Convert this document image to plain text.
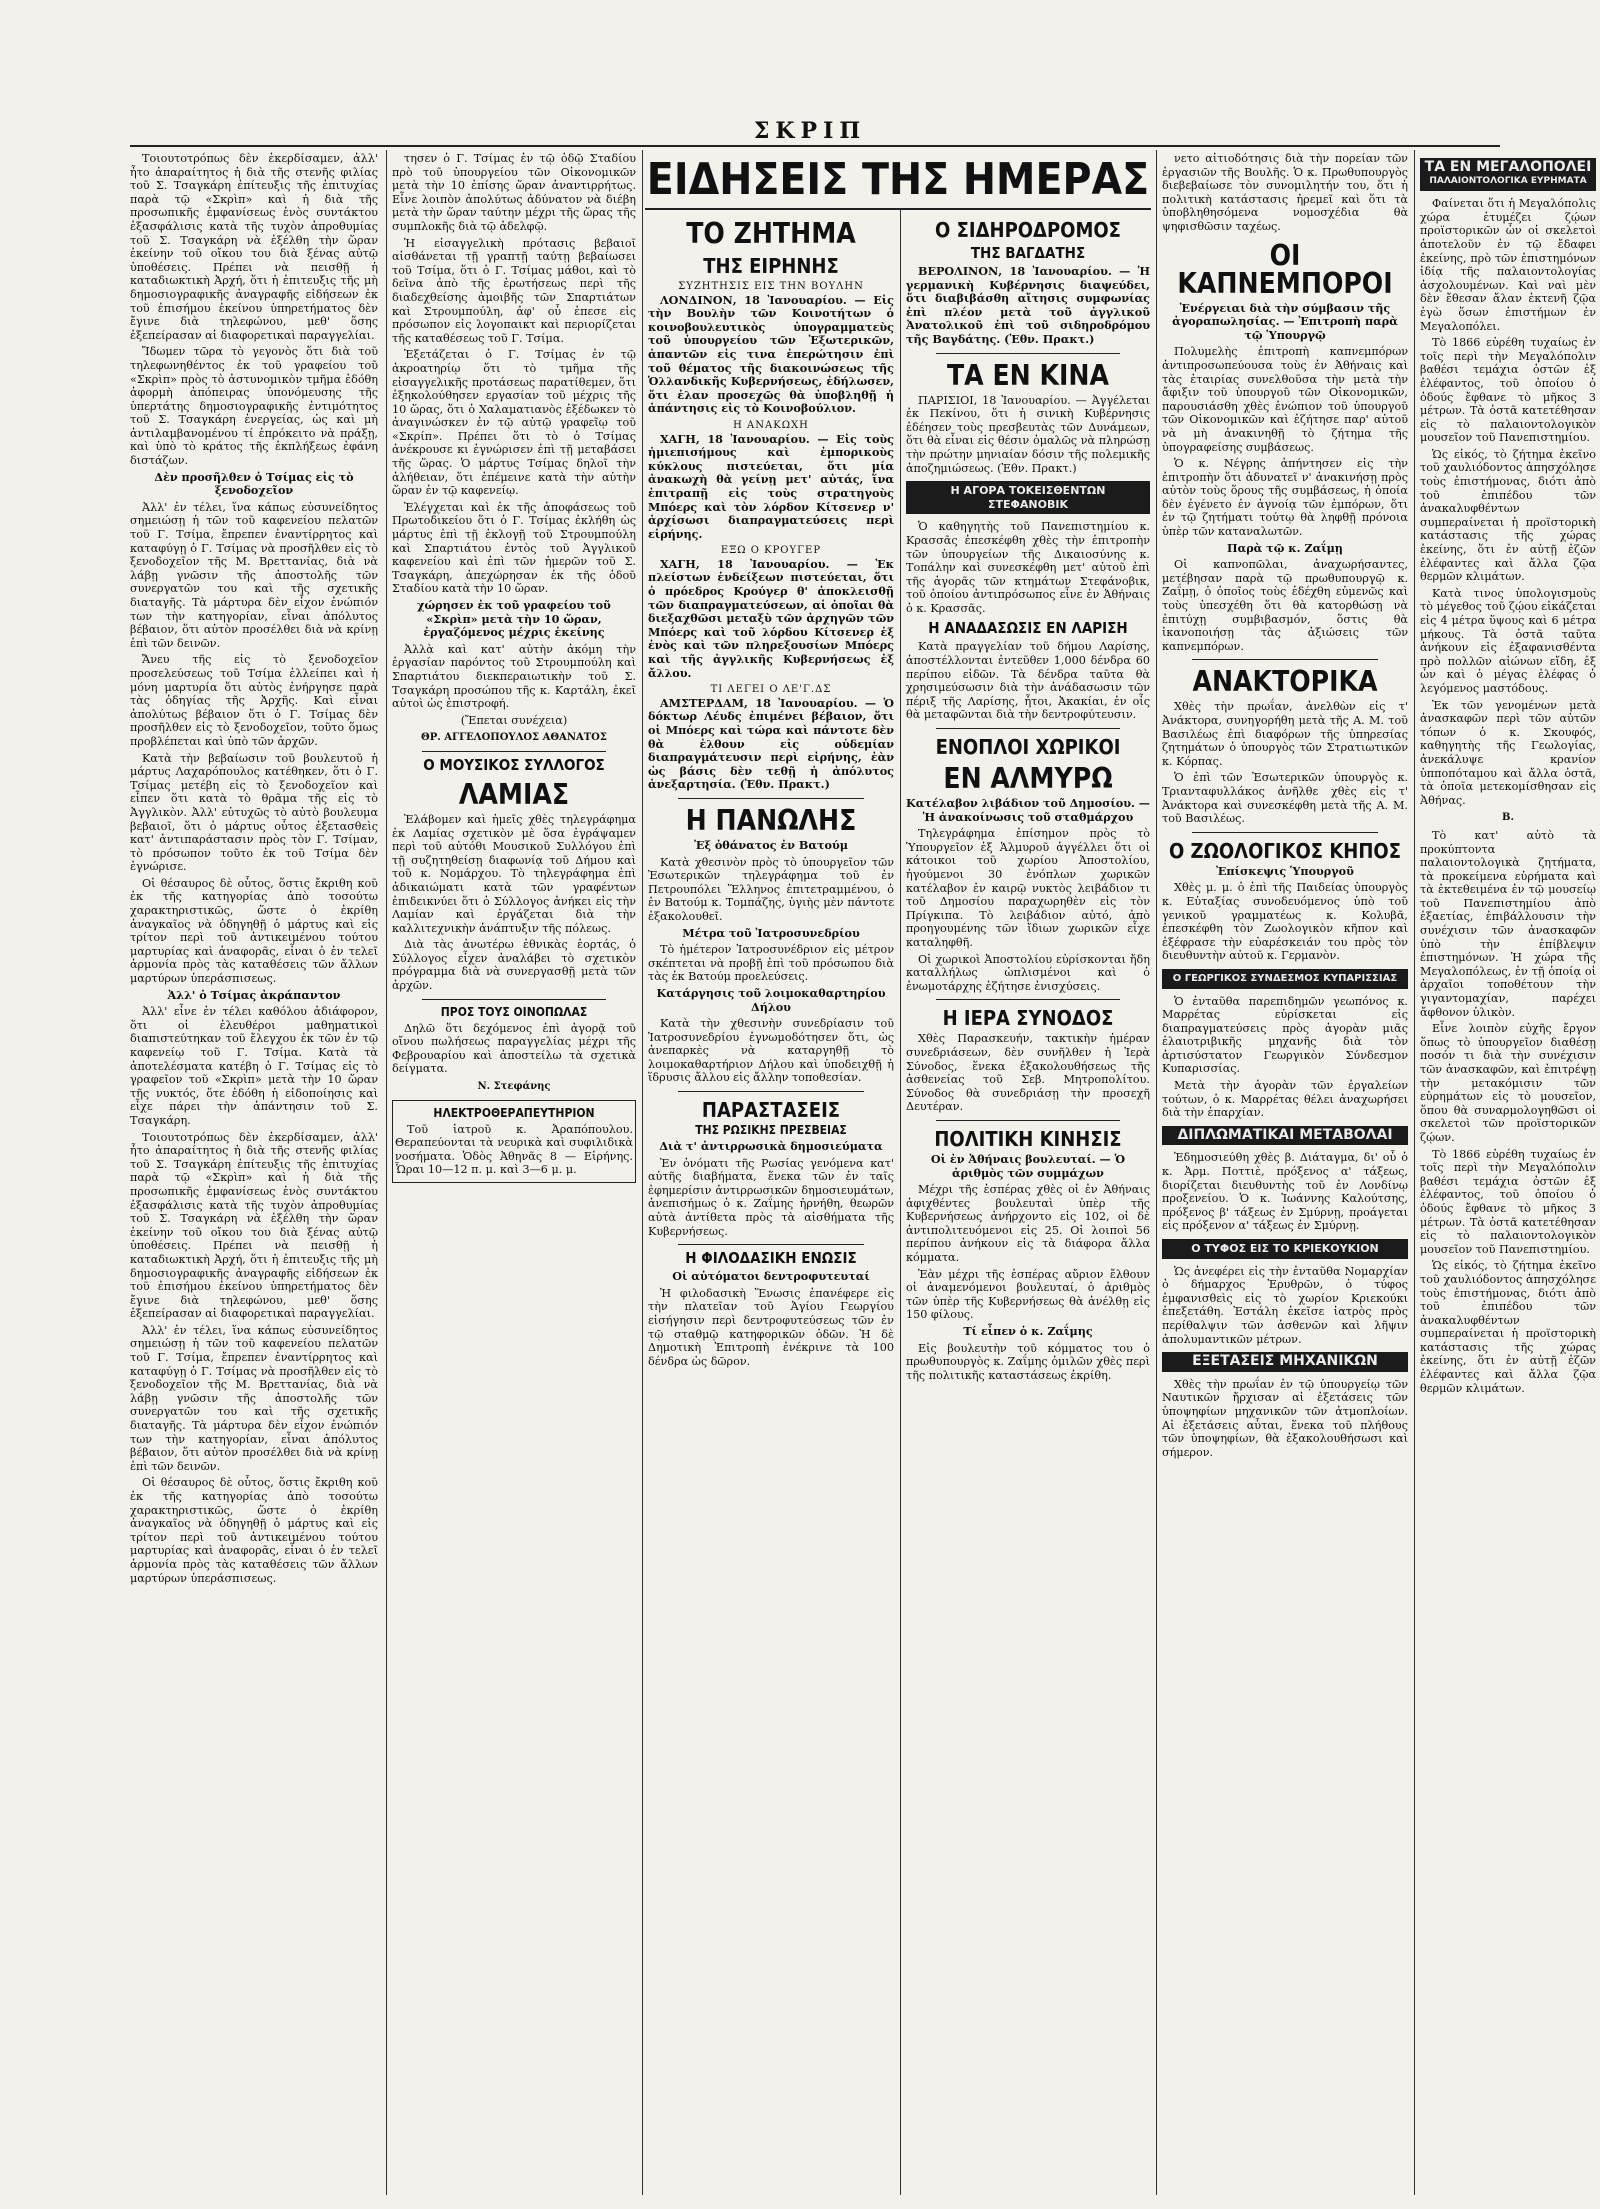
ΣΚΡΙΠ

Τοιουτοτρόπως δὲν ἐκερδίσαμεν, ἀλλ' ἦτο ἀπαραίτητος ἡ διὰ τῆς στενῆς φιλίας τοῦ Σ. Τσαγκάρη ἐπίτευξις τῆς ἐπιτυχίας παρὰ τῷ «Σκρὶπ» καὶ ἡ διὰ τῆς προσωπικῆς ἐμφανίσεως ἑνὸς συντάκτου ἐξασφάλισις κατὰ τῆς τυχὸν ἀπροθυμίας τοῦ Σ. Τσαγκάρη νὰ ἐξέλθη τὴν ὥραν ἐκείνην τοῦ οἴκου του διὰ ξένας αὐτῷ ὑποθέσεις. Πρέπει νὰ πεισθῇ ἡ καταδιωκτικὴ Ἀρχή, ὅτι ἡ ἐπιτευξις τῆς μὴ δημοσιογραφικῆς ἀναγραφῆς εἰδήσεων ἐκ τοῦ ἐπισήμου ἐκείνου ὑπηρετήματος δὲν ἔγινε διὰ τηλεφώνου, μεθ' ὅσης ἐξεπείρασαν αἱ διαφορετικαὶ παραγγελίαι.

Ἴδωμεν τῶρα τὸ γεγονὸς ὅτι διὰ τοῦ τηλεφωνηθέντος ἐκ τοῦ γραφείου τοῦ «Σκρὶπ» πρὸς τὸ ἀστυνομικὸν τμῆμα ἐδόθη ἀφορμὴ ἀπόπειρας ὑπονόμευσης τῆς ὑπερτάτης δημοσιογραφικῆς ἐντιμότητος τοῦ Σ. Τσαγκάρη ἐνεργείας, ὡς καὶ μὴ ἀντιλαμβανομένου τί ἐπρόκειτο νὰ πράξῃ, καὶ ὑπὸ τὸ κράτος τῆς ἐκπλήξεως ἐφάνη διστάζων.

Δὲν προσῆλθεν ὁ Τσίμας εἰς τὸ ξενοδοχεῖον

Ἀλλ' ἐν τέλει, ἵνα κάπως εὐσυνείδητος σημειώσῃ ἡ τῶν τοῦ καφενείου πελατῶν τοῦ Γ. Τσίμα, ἔπρεπεν ἐναντίρρητος καὶ καταφύγῃ ὁ Γ. Τσίμας νὰ προσῆλθεν εἰς τὸ ξενοδοχεῖον τῆς Μ. Βρεττανίας, διὰ νὰ λάβῃ γνῶσιν τῆς ἀποστολῆς τῶν συνεργατῶν του καὶ τῆς σχετικῆς διαταγῆς. Τὰ μάρτυρα δὲν εἶχον ἐνώπιόν των τὴν κατηγορίαν, εἶναι ἀπόλυτος βέβαιον, ὅτι αὐτὸν προσέλθει διὰ νὰ κρίνῃ ἐπὶ τῶν δεινῶν.

Ἄνευ τῆς εἰς τὸ ξενοδοχεῖον προσελεύσεως τοῦ Τσίμα ἐλλείπει καὶ ἡ μόνη μαρτυρία ὅτι αὐτὸς ἐνήργησε παρὰ τὰς ὁδηγίας τῆς Ἀρχῆς. Καὶ εἶναι ἀπολύτως βέβαιον ὅτι ὁ Γ. Τσίμας δὲν προσῆλθεν εἰς τὸ ξενοδοχεῖον, τοῦτο ὅμως προβλέπεται καὶ ὑπὸ τῶν ἀρχῶν.

Κατὰ τὴν βεβαίωσιν τοῦ βουλευτοῦ ἡ μάρτυς Λαχαρόπουλος κατέθηκεν, ὅτι ὁ Γ. Τσίμας μετέβη εἰς τὸ ξενοδοχεῖον καὶ εἶπεν ὅτι κατὰ τὸ θρᾶμα τῆς εἰς τὸ Ἀγγλικὸν. Ἀλλ' εὐτυχῶς τὸ αὐτὸ βουλευμα βεβαιοῖ, ὅτι ὁ μάρτυς οὗτος ἐξετασθεὶς κατ' ἀντιπαράστασιν πρὸς τὸν Γ. Τσίμαν, τὸ πρόσωπον τοῦτο ἐκ τοῦ Τσίμα δὲν ἐγνώρισε.

Οἱ θέσαυρος δὲ οὗτος, ὅστις ἔκριθη κοῦ ἐκ τῆς κατηγορίας ἀπὸ τοσούτω χαρακτηριστικῶς, ὥστε ὁ ἐκρίθη ἀναγκαῖος νὰ ὁδηγηθῇ ὁ μάρτυς καὶ εἰς τρίτον περὶ τοῦ ἀντικειμένου τούτου μαρτυρίας καὶ ἀναφορᾶς, εἶναι ὁ ἐν τελεῖ ἀρμονία πρὸς τὰς καταθέσεις τῶν ἄλλων μαρτύρων ὑπεράσπισεως.

Ἀλλ' ὁ Τσίμας ἀκράπαντον

Ἀλλ' εἶνε ἐν τέλει καθόλου ἀδιάφορον, ὅτι οἱ ἐλευθέροι μαθηματικοὶ διαπιστεύτηκαν τοῦ ἔλεγχου ἐκ τῶν ἐν τῷ καφενείῳ τοῦ Γ. Τσίμα. Κατὰ τὰ ἀποτελέσματα κατέβη ὁ Γ. Τσίμας εἰς τὸ γραφεῖον τοῦ «Σκρὶπ» μετὰ τὴν 10 ὥραν τῆς νυκτός, ὅτε ἐδόθη ἡ εἰδοποίησις καὶ εἶχε πάρει τὴν ἀπάντησιν τοῦ Σ. Τσαγκάρη.

Τοιουτοτρόπως δὲν ἐκερδίσαμεν, ἀλλ' ἦτο ἀπαραίτητος ἡ διὰ τῆς στενῆς φιλίας τοῦ Σ. Τσαγκάρη ἐπίτευξις τῆς ἐπιτυχίας παρὰ τῷ «Σκρὶπ» καὶ ἡ διὰ τῆς προσωπικῆς ἐμφανίσεως ἑνὸς συντάκτου ἐξασφάλισις κατὰ τῆς τυχὸν ἀπροθυμίας τοῦ Σ. Τσαγκάρη νὰ ἐξέλθη τὴν ὥραν ἐκείνην τοῦ οἴκου του διὰ ξένας αὐτῷ ὑποθέσεις. Πρέπει νὰ πεισθῇ ἡ καταδιωκτικὴ Ἀρχή, ὅτι ἡ ἐπιτευξις τῆς μὴ δημοσιογραφικῆς ἀναγραφῆς εἰδήσεων ἐκ τοῦ ἐπισήμου ἐκείνου ὑπηρετήματος δὲν ἔγινε διὰ τηλεφώνου, μεθ' ὅσης ἐξεπείρασαν αἱ διαφορετικαὶ παραγγελίαι.

Ἀλλ' ἐν τέλει, ἵνα κάπως εὐσυνείδητος σημειώσῃ ἡ τῶν τοῦ καφενείου πελατῶν τοῦ Γ. Τσίμα, ἔπρεπεν ἐναντίρρητος καὶ καταφύγῃ ὁ Γ. Τσίμας νὰ προσῆλθεν εἰς τὸ ξενοδοχεῖον τῆς Μ. Βρεττανίας, διὰ νὰ λάβῃ γνῶσιν τῆς ἀποστολῆς τῶν συνεργατῶν του καὶ τῆς σχετικῆς διαταγῆς. Τὰ μάρτυρα δὲν εἶχον ἐνώπιόν των τὴν κατηγορίαν, εἶναι ἀπόλυτος βέβαιον, ὅτι αὐτὸν προσέλθει διὰ νὰ κρίνῃ ἐπὶ τῶν δεινῶν.

Οἱ θέσαυρος δὲ οὗτος, ὅστις ἔκριθη κοῦ ἐκ τῆς κατηγορίας ἀπὸ τοσούτω χαρακτηριστικῶς, ὥστε ὁ ἐκρίθη ἀναγκαῖος νὰ ὁδηγηθῇ ὁ μάρτυς καὶ εἰς τρίτον περὶ τοῦ ἀντικειμένου τούτου μαρτυρίας καὶ ἀναφορᾶς, εἶναι ὁ ἐν τελεῖ ἀρμονία πρὸς τὰς καταθέσεις τῶν ἄλλων μαρτύρων ὑπεράσπισεως.

τησεν ὁ Γ. Τσίμας ἐν τῷ ὁδῷ Σταδίου πρὸ τοῦ ὑπουργείου τῶν Οἰκονομικῶν μετὰ τὴν 10 ἐπίσης ὥραν ἀναντιρρήτως. Εἶνε λοιπὸν ἀπολύτως ἀδύνατον νὰ διέβη μετὰ τὴν ὥραν ταύτην μέχρι τῆς ὥρας τῆς συμπλοκῆς διὰ τῷ ἀδελφῷ.

Ἡ εἰσαγγελικὴ πρότασις βεβαιοῖ αἰσθάνεται τῇ γραπτῇ ταύτῃ βεβαίωσει τοῦ Τσίμα, ὅτι ὁ Γ. Τσίμας μάθοι, καὶ τὸ δεῖνα ἀπὸ τῆς ἐρωτήσεως περὶ τῆς διαδεχθείσης ἀμοιβῆς τῶν Σπαρτιάτων καὶ Στρουμπούλη, ἀφ' οὗ ἐπεσε εἰς πρόσωπον εἰς λογοπαικτ καὶ περιορίζεται τῆς καταθέσεως τοῦ Γ. Τσίμα.

Ἐξετάζεται ὁ Γ. Τσίμας ἐν τῷ ἀκροατηρίῳ ὅτι τὸ τμῆμα τῆς εἰσαγγελικῆς προτάσεως παρατίθεμεν, ὅτι ἐξηκολούθησεν εργασίαν τοῦ μέχρις τῆς 10 ὥρας, ὅτι ὁ Χαλαματιανὸς ἐξέδωκεν τὸ ἀναγινώσκεν ἐν τῷ αὐτῷ γραφεῖῳ τοῦ «Σκρίπ». Πρέπει ὅτι τὸ ὁ Τσίμας ἀνέκρουσε κι ἐγνώρισεν ἐπὶ τῇ μεταβάσει τῆς ὥρας. Ὁ μάρτυς Τσίμας δηλοῖ τὴν ἀλήθειαν, ὅτι ἐπέμεινε κατὰ τὴν αὐτὴν ὥραν ἐν τῷ καφενείῳ.

Ἐλέγχεται καὶ ἐκ τῆς ἀποφάσεως τοῦ Πρωτοδικείου ὅτι ὁ Γ. Τσίμας ἐκλήθη ὡς μάρτυς ἐπὶ τῇ ἐκλογῇ τοῦ Στρουμπούλη καὶ Σπαρτιάτου ἐντὸς τοῦ Ἀγγλικοῦ καφενείου καὶ ἐπὶ τῶν ἡμερῶν τοῦ Σ. Τσαγκάρη, ἀπεχώρησαν ἐκ τῆς ὁδοῦ Σταδίου κατὰ τὴν 10 ὥραν.

χώρησεν ἐκ τοῦ γραφείου τοῦ «Σκρὶπ» μετὰ τὴν 10 ὥραν, ἐργαζόμενος μέχρις ἐκείνης

Ἀλλὰ καὶ κατ' αὐτὴν ἀκόμη τὴν ἐργασίαν παρόντος τοῦ Στρουμπούλη καὶ Σπαρτιάτου διεκπεραιωτικὴν τοῦ Σ. Τσαγκάρη προσώπου τῆς κ. Καρτάλη, ἐκεῖ αὐτοὶ ὡς ἐπιστροφή.

(Ἔπεται συνέχεια)

ΘΡ. ΑΓΓΕΛΟΠΟΥΛΟΣ ΑΘΑΝΑΤΟΣ
Ο ΜΟΥΣΙΚΟΣ ΣΥΛΛΟΓΟΣ
ΛΑΜΙΑΣ

Ἐλάβομεν καὶ ἡμεῖς χθὲς τηλεγράφημα ἐκ Λαμίας σχετικὸν μὲ ὅσα ἐγράψαμεν περὶ τοῦ αὐτόθι Μουσικοῦ Συλλόγου ἐπὶ τῇ συζητηθείσῃ διαφωνίᾳ τοῦ Δήμου καὶ τοῦ κ. Νομάρχου. Τὸ τηλεγράφημα ἐπὶ ἀδικαιώματι κατὰ τῶν γραφέντων ἐπιδεικνύει ὅτι ὁ Σύλλογος ἀνήκει εἰς τὴν Λαμίαν καὶ ἐργάζεται διὰ τὴν καλλιτεχνικὴν ἀνάπτυξιν τῆς πόλεως.

Διὰ τὰς ἀνωτέρω ἐθνικὰς ἑορτάς, ὁ Σύλλογος εἶχεν ἀναλάβει τὸ σχετικὸν πρόγραμμα διὰ νὰ συνεργασθῇ μετὰ τῶν ἀρχῶν.

ΠΡΟΣ ΤΟΥΣ ΟΙΝΟΠΩΛΑΣ

Δηλῶ ὅτι δεχόμενος ἐπὶ ἀγορᾷ τοῦ οἴνου πωλήσεως παραγγελίας μέχρι τῆς Φεβρουαρίου καὶ ἀποστείλω τὰ σχετικὰ δείγματα.

Ν. Στεφάνης
ΗΛΕΚΤΡΟΘΕΡΑΠΕΥΤΗΡΙΟΝ

Τοῦ ἰατροῦ κ. Ἀραπόπουλου. Θεραπεύονται τὰ νευρικὰ καὶ συφιλιδικὰ νοσήματα. Ὁδὸς Ἀθηνᾶς 8 — Εἰρήνης. Ὧραι 10—12 π. μ. καὶ 3—6 μ. μ.

ΕΙΔΗΣΕΙΣ ΤΗΣ ΗΜΕΡΑΣ
ΤΟ ΖΗΤΗΜΑ
ΤΗΣ ΕΙΡΗΝΗΣ
ΣΥΖΗΤΗΣΙΣ ΕΙΣ ΤΗΝ ΒΟΥΛΗΝ

ΛΟΝΔΙΝΟΝ, 18 Ἰανουαρίου. — Εἰς τὴν Βουλὴν τῶν Κοινοτήτων ὁ κοινοβουλευτικὸς ὑπογραμματεὺς τοῦ ὑπουργείου τῶν Ἐξωτερικῶν, ἀπαντῶν εἰς τινα ἐπερώτησιν ἐπὶ τοῦ θέματος τῆς διακοινώσεως τῆς Ὁλλανδικῆς Κυβερνήσεως, ἐδήλωσεν, ὅτι ἐλαν προσεχῶς θὰ ὑποβληθῇ ἡ ἀπάντησις εἰς τὸ Κοινοβούλιον.

Η ΑΝΑΚΩΧΗ

ΧΑΓΗ, 18 Ἰανουαρίου. — Εἰς τοὺς ἡμιεπισήμους καὶ ἐμπορικοὺς κύκλους πιστεύεται, ὅτι μία ἀνακωχὴ θὰ γείνῃ μετ' αὐτάς, ἵνα ἐπιτραπῇ εἰς τοὺς στρατηγοὺς Μπόερς καὶ τὸν λόρδον Κίτσενερ ν' ἀρχίσωσι διαπραγματεύσεις περὶ εἰρήνης.

ΕΞΩ Ο ΚΡΟΥΓΕΡ

ΧΑΓΗ, 18 Ἰανουαρίου. — Ἐκ πλείστων ἐνδείξεων πιστεύεται, ὅτι ὁ πρόεδρος Κρούγερ θ' ἀποκλεισθῇ τῶν διαπραγματεύσεων, αἱ ὁποῖαι θὰ διεξαχθῶσι μεταξὺ τῶν ἀρχηγῶν τῶν Μπόερς καὶ τοῦ λόρδου Κίτσενερ ἐξ ἑνὸς καὶ τῶν πληρεξουσίων Μπόερς καὶ τῆς ἀγγλικῆς Κυβερνήσεως ἐξ ἄλλου.

ΤΙ ΛΕΓΕΙ Ο ΛΕ'Γ.ΔΣ

ΑΜΣΤΕΡΔΑΜ, 18 Ἰανουαρίου. — Ὁ δόκτωρ Λέυδς ἐπιμένει βέβαιον, ὅτι οἱ Μπόερς καὶ τώρα καὶ πάντοτε δὲν θὰ ἐλθουν εἰς οὐδεμίαν διαπραγμάτευσιν περὶ εἰρήνης, ἐὰν ὡς βάσις δὲν τεθῇ ἡ ἀπόλυτος ἀνεξαρτησία. (Ἐθν. Πρακτ.)

Η ΠΑΝΩΛΗΣ

Ἐξ ὁθάνατος ἐν Βατούμ

Κατὰ χθεσινὸν πρὸς τὸ ὑπουργεῖον τῶν Ἐσωτερικῶν τηλεγράφημα τοῦ ἐν Πετρουπόλει Ἕλληνος ἐπιτετραμμένου, ὁ ἐν Βατούμ κ. Τομπάζης, ὑγιὴς μὲν πάντοτε ἐξακολουθεῖ.

Μέτρα τοῦ Ἰατροσυνεδρίου

Τὸ ἠμέτερον Ἰατροσυνέδριον εἰς μέτρον σκέπτεται νὰ προβῇ ἐπὶ τοῦ πρόσωπου διὰ τὰς ἐκ Βατούμ προελεύσεις.

Κατάργησις τοῦ λοιμοκαθαρτηρίου Δήλου

Κατὰ τὴν χθεσινὴν συνεδρίασιν τοῦ Ἰατροσυνεδρίου ἐγνωμοδότησεν ὅτι, ὡς ἀνεπαρκὲς νὰ καταργηθῇ τὸ λοιμοκαθαρτήριον Δήλου καὶ ὑποδειχθῇ ἡ ἵδρυσις ἄλλου εἰς ἄλλην τοποθεσίαν.

ΠΑΡΑΣΤΑΣΕΙΣ
ΤΗΣ ΡΩΣΙΚΗΣ ΠΡΕΣΒΕΙΑΣ

Διὰ τ' ἀντιρρωσικὰ δημοσιεύματα

Ἐν ὀνόματι τῆς Ρωσίας γενόμενα κατ' αὐτῆς διαβήματα, ἕνεκα τῶν ἐν ταῖς ἐφημερίσιν ἀντιρρωσικῶν δημοσιευμάτων, ἀνεπισήμως ὁ κ. Ζαΐμης ἠρνήθη, θεωρῶν αὐτὰ ἀντίθετα πρὸς τὰ αἰσθήματα τῆς Κυβερνήσεως.

Η ΦΙΛΟΔΑΣΙΚΗ ΕΝΩΣΙΣ

Οἱ αὐτόματοι δεντροφυτευταί

Ἡ φιλοδασικὴ Ἕνωσις ἐπανέφερε εἰς τὴν πλατεῖαν τοῦ Ἀγίου Γεωργίου εἰσήγησιν περὶ δεντροφυτεύσεως τῶν ἐν τῷ σταθμῷ κατηφορικῶν ὁδῶν. Ἡ δὲ Δημοτικὴ Ἐπιτροπὴ ἐνέκρινε τὰ 100 δένδρα ὡς δῶρον.

Ο ΣΙΔΗΡΟΔΡΟΜΟΣ
ΤΗΣ ΒΑΓΔΑΤΗΣ

ΒΕΡΟΛΙΝΟΝ, 18 Ἰανουαρίου. — Ἡ γερμανικὴ Κυβέρνησις διαψεύδει, ὅτι διαβιβάσθη αἴτησις συμφωνίας ἐπὶ πλέον μετὰ τοῦ ἀγγλικοῦ Ἀνατολικοῦ ἐπὶ τοῦ σιδηροδρόμου τῆς Βαγδάτης. (Ἐθν. Πρακτ.)

ΤΑ ΕΝ ΚΙΝΑ

ΠΑΡΙΣΙΟΙ, 18 Ἰανουαρίου. — Ἀγγέλεται ἐκ Πεκίνου, ὅτι ἡ σινικὴ Κυβέρνησις ἐδέησεν τοὺς πρεσβευτὰς τῶν Δυνάμεων, ὅτι θὰ εἶναι εἰς θέσιν ὁμαλῶς νὰ πληρώσῃ τὴν πρώτην μηνιαίαν δόσιν τῆς πολεμικῆς ἀποζημιώσεως. (Ἐθν. Πρακτ.)

Η ΑΓΟΡΑ ΤΟΚΕΙΣΘΕΝΤΩΝ ΣΤΕΦΑΝΟΒΙΚ

Ὁ καθηγητὴς τοῦ Πανεπιστημίου κ. Κρασσᾶς ἐπεσκέφθη χθὲς τὴν ἐπιτροπὴν τῶν ὑπουργείων τῆς Δικαιοσύνης κ. Τοπάλην καὶ συνεσκέφθη μετ' αὐτοῦ ἐπὶ τῆς ἀγορᾶς τῶν κτημάτων Στεφάνοβικ, τοῦ ὁποίου ἀντιπρόσωπος εἶνε ἐν Ἀθήναις ὁ κ. Κρασσᾶς.

Η ΑΝΑΔΑΣΩΣΙΣ ΕΝ ΛΑΡΙΣΗ

Κατὰ πραγγελίαν τοῦ δήμου Λαρίσης, ἀποστέλλονται ἐντεῦθεν 1,000 δένδρα 60 περίπου εἰδῶν. Τὰ δένδρα ταῦτα θὰ χρησιμεύσωσιν διὰ τὴν ἀνάδασωσιν τῶν πέριξ τῆς Λαρίσης, ἦτοι, Ἀκακίαι, ἐν οἷς θὰ μεταφῶνται διὰ τὴν δεντροφύτευσιν.

ΕΝΟΠΛΟΙ ΧΩΡΙΚΟΙ
ΕΝ ΑΛΜΥΡΩ

Κατέλαβον λιβάδιον τοῦ Δημοσίου. — Ἡ ἀνακοίνωσις τοῦ σταθμάρχου

Τηλεγράφημα ἐπίσημον πρὸς τὸ Ὑπουργεῖον ἐξ Ἁλμυροῦ ἀγγέλλει ὅτι οἱ κάτοικοι τοῦ χωρίου Ἀποστολίου, ἠγούμενοι 30 ἐνόπλων χωρικῶν κατέλαβον ἐν καιρῷ νυκτὸς λειβάδιον τι τοῦ Δημοσίου παραχωρηθὲν εἰς τὸν Πρίγκιπα. Τὸ λειβάδιον αὐτό, ἀπὸ προηγουμένης τῶν ἴδιων χωρικῶν εἶχε καταληφθῆ.

Οἱ χωρικοὶ Ἀποστολίου εὐρίσκονται ἤδη καταλλήλως ὡπλισμένοι καὶ ὁ ἐνωμοτάρχης ἐζήτησε ἐνισχύσεις.

Η ΙΕΡΑ ΣΥΝΟΔΟΣ

Χθὲς Παρασκευήν, τακτικὴν ἡμέραν συνεδριάσεων, δὲν συνῆλθεν ἡ Ἱερὰ Σύνοδος, ἕνεκα ἐξακολουθήσεως τῆς ἀσθενείας τοῦ Σεβ. Μητροπολίτου. Σύνοδος θὰ συνεδριάσῃ τὴν προσεχῆ Δευτέραν.

ΠΟΛΙΤΙΚΗ ΚΙΝΗΣΙΣ

Οἱ ἐν Ἀθήναις βουλευταί. — Ὁ ἀριθμὸς τῶν συμμάχων

Μέχρι τῆς ἑσπέρας χθὲς οἱ ἐν Ἀθήναις ἀφιχθέντες βουλευταὶ ὑπὲρ τῆς Κυβερνήσεως ἀνήρχοντο εἰς 102, οἱ δὲ ἀντιπολιτευόμενοι εἰς 25. Οἱ λοιποὶ 56 περίπου ἀνήκουν εἰς τὰ διάφορα ἄλλα κόμματα.

Ἐὰν μέχρι τῆς ἑσπέρας αὔριον ἔλθουν οἱ ἀναμενόμενοι βουλευταί, ὁ ἀριθμὸς τῶν ὑπὲρ τῆς Κυβερνήσεως θὰ ἀνέλθῃ εἰς 150 φίλους.

Τί εἶπεν ὁ κ. Ζαΐμης

Εἰς βουλευτὴν τοῦ κόμματος του ὁ πρωθυπουργὸς κ. Ζαΐμης ὁμιλῶν χθὲς περὶ τῆς πολιτικῆς καταστάσεως ἐκρίθη.

νετο αἰτιοδότησις διὰ τὴν πορείαν τῶν ἐργασιῶν τῆς Βουλῆς. Ὁ κ. Πρωθυπουργὸς διεβεβαίωσε τὸν συνομιλητήν του, ὅτι ἡ πολιτικὴ κατάστασις ἠρεμεῖ καὶ ὅτι τὰ ὑποβληθησόμενα νομοσχέδια θὰ ψηφισθῶσιν ταχέως.

ΟΙ ΚΑΠΝΕΜΠΟΡΟΙ

Ἐνέργειαι διὰ τὴν σύμβασιν τῆς ἀγοραπωλησίας. — Ἐπιτροπὴ παρὰ τῷ Ὑπουργῷ

Πολυμελὴς ἐπιτροπὴ καπνεμπόρων ἀντιπροσωπεύουσα τοὺς ἐν Ἀθήναις καὶ τὰς ἐταιρίας συνελθοῦσα τὴν μετὰ τὴν ἄφιξιν τοῦ ὑπουργοῦ τῶν Οἰκονομικῶν, παρουσιάσθη χθὲς ἐνώπιον τοῦ ὑπουργοῦ τῶν Οἰκονομικῶν καὶ ἐζήτησε παρ' αὐτοῦ νὰ μὴ ἀνακινηθῇ τὸ ζήτημα τῆς ὑπογραφείσης συμβάσεως.

Ὁ κ. Νέγρης ἀπήντησεν εἰς τὴν ἐπιτροπὴν ὅτι ἀδυνατεῖ ν' ἀνακινήσῃ πρὸς αὐτὸν τοὺς ὅρους τῆς συμβάσεως, ἡ ὁποία δὲν ἐγένετο ἐν ἀγνοίᾳ τῶν ἐμπόρων, ὅτι ἐν τῷ ζητήματι τούτῳ θὰ ληφθῇ πρόνοια ὑπὲρ τῶν καταναλωτῶν.

Παρὰ τῷ κ. Ζαΐμῃ

Οἱ καπνοπῶλαι, ἀναχωρήσαντες, μετέβησαν παρὰ τῷ πρωθυπουργῷ κ. Ζαΐμῃ, ὁ ὁποῖος τοὺς ἐδέχθη εὐμενῶς καὶ τοὺς ὑπεσχέθη ὅτι θὰ κατορθώσῃ νὰ ἐπιτύχῃ συμβιβασμόν, ὅστις θὰ ἱκανοποιήσῃ τὰς ἀξιώσεις τῶν καπνεμπόρων.

ΑΝΑΚΤΟΡΙΚΑ

Χθὲς τὴν πρωΐαν, ἀνελθὼν εἰς τ' Ἀνάκτορα, συνηγορήθη μετὰ τῆς Α. Μ. τοῦ Βασιλέως ἐπὶ διαφόρων τῆς ὑπηρεσίας ζητημάτων ὁ ὑπουργὸς τῶν Στρατιωτικῶν κ. Κόρπας.

Ὁ ἐπὶ τῶν Ἐσωτερικῶν ὑπουργὸς κ. Τριανταφυλλάκος ἀνῆλθε χθὲς εἰς τ' Ἀνάκτορα καὶ συνεσκέφθη μετὰ τῆς Α. Μ. τοῦ Βασιλέως.

Ο ΖΩΟΛΟΓΙΚΟΣ ΚΗΠΟΣ

Ἐπίσκεψις Ὑπουργοῦ

Χθὲς μ. μ. ὁ ἐπὶ τῆς Παιδείας ὑπουργὸς κ. Εὐταξίας συνοδευόμενος ὑπὸ τοῦ γενικοῦ γραμματέως κ. Κολυβᾶ, ἐπεσκέφθη τὸν Ζωολογικὸν κῆπον καὶ ἐξέφρασε τὴν εὐαρέσκειάν του πρὸς τὸν διευθυντὴν αὐτοῦ κ. Γερμανὸν.

Ο ΓΕΩΡΓΙΚΟΣ ΣΥΝΔΕΣΜΟΣ ΚΥΠΑΡΙΣΣΙΑΣ

Ὁ ἐνταῦθα παρεπιδημῶν γεωπόνος κ. Μαρρέτας εὐρίσκεται εἰς διαπραγματεύσεις πρὸς ἀγορὰν μιᾶς ἐλαιοτριβικῆς μηχανῆς διὰ τὸν ἀρτισύστατον Γεωργικὸν Σύνδεσμον Κυπαρισσίας.

Μετὰ τὴν ἀγορὰν τῶν ἐργαλείων τούτων, ὁ κ. Μαρρέτας θέλει ἀναχωρήσει διὰ τὴν ἐπαρχίαν.

ΔΙΠΛΩΜΑΤΙΚΑΙ ΜΕΤΑΒΟΛΑΙ

Ἐδημοσιεύθη χθὲς β. Διάταγμα, δι' οὗ ὁ κ. Ἀρμ. Ποττιὲ, πρόξενος α' τάξεως, διορίζεται διευθυντὴς τοῦ ἐν Λονδίνῳ προξενείου. Ὁ κ. Ἰωάννης Καλούτσης, πρόξενος β' τάξεως ἐν Σμύρνῃ, προάγεται εἰς πρόξενον α' τάξεως ἐν Σμύρνῃ.

Ο ΤΥΦΟΣ ΕΙΣ ΤΟ ΚΡΙΕΚΟΥΚΙΟΝ

Ὡς ἀνεφέρει εἰς τὴν ἐνταῦθα Νομαρχίαν ὁ δήμαρχος Ἐρυθρῶν, ὁ τύφος ἐμφανισθεὶς εἰς τὸ χωρίον Κριεκούκι ἐπεξετάθη. Ἐστάλη ἐκεῖσε ἰατρὸς πρὸς περίθαλψιν τῶν ἀσθενῶν καὶ λῆψιν ἀπολυμαντικῶν μέτρων.

ΕΞΕΤΑΣΕΙΣ ΜΗΧΑΝΙΚΩΝ

Χθὲς τὴν πρωΐαν ἐν τῷ ὑπουργείῳ τῶν Ναυτικῶν ἤρχισαν αἱ ἐξετάσεις τῶν ὑποψηφίων μηχανικῶν τῶν ἀτμοπλοίων. Αἱ ἐξετάσεις αὗται, ἕνεκα τοῦ πλήθους τῶν ὑποψηφίων, θὰ ἐξακολουθήσωσι καὶ σήμερον.

ΤΑ ΕΝ ΜΕΓΑΛΟΠΟΛΕΙ
ΠΑΛΑΙΟΝΤΟΛΟΓΙΚΑ ΕΥΡΗΜΑΤΑ

Φαίνεται ὅτι ἡ Μεγαλόπολις χώρα ἐτυμέζει ζῴων προϊστορικῶν ὧν οἱ σκελετοὶ ἀποτελοῦν ἐν τῷ ἔδαφει ἐκείνης, πρὸ τῶν ἐπιστημόνων ἰδίᾳ τῆς παλαιοντολογίας ἀσχολουμένων. Καὶ ναὶ μὲν δὲν ἔθεσαν ἄλαν ἐκτενῆ ζῷα ἐγὼ ὅσων ἐπιστήμων ἐν Μεγαλοπόλει.

Τὸ 1866 εὑρέθη τυχαίως ἐν τοῖς περὶ τὴν Μεγαλόπολιν βαθέσι τεμάχια ὀστῶν ἐξ ἐλέφαντος, τοῦ ὁποίου ὁ ὀδούς ἔφθανε τὸ μῆκος 3 μέτρων. Τὰ ὀστᾶ κατετέθησαν εἰς τὸ παλαιοντολογικὸν μουσεῖον τοῦ Πανεπιστημίου.

Ὡς εἰκός, τὸ ζήτημα ἐκεῖνο τοῦ χαυλιόδοντος ἀπησχόλησε τοὺς ἐπιστήμονας, διότι ἀπὸ τοῦ ἐπιπέδου τῶν ἀνακαλυφθέντων συμπεραίνεται ἡ προϊστορικὴ κατάστασις τῆς χώρας ἐκείνης, ὅτι ἐν αὐτῇ ἐζῶν ἐλέφαντες καὶ ἄλλα ζῷα θερμῶν κλιμάτων.

Κατὰ τινος ὑπολογισμοὺς τὸ μέγεθος τοῦ ζῴου εἰκάζεται εἰς 4 μέτρα ὕψους καὶ 6 μέτρα μήκους. Τὰ ὀστᾶ ταῦτα ἀνήκουν εἰς ἐξαφανισθέντα πρὸ πολλῶν αἰώνων εἴδη, ἐξ ὧν καὶ ὁ μέγας ἐλέφας ὁ λεγόμενος μαστόδους.

Ἐκ τῶν γενομένων μετὰ ἀνασκαφῶν περὶ τῶν αὐτῶν τόπων ὁ κ. Σκουφός, καθηγητὴς τῆς Γεωλογίας, ἀνεκάλυψε κρανίον ὑπποπόταμου καὶ ἄλλα ὀστᾶ, τὰ ὁποῖα μετεκομίσθησαν εἰς Ἀθήνας.

Β.

Τὸ κατ' αὐτὸ τὰ προκύπτοντα παλαιοντολογικὰ ζητήματα, τὰ προκείμενα εὑρήματα καὶ τὰ ἐκτεθειμένα ἐν τῷ μουσείῳ τοῦ Πανεπιστημίου ἀπὸ ἑξαετίας, ἐπιβάλλουσιν τὴν συνέχισιν τῶν ἀνασκαφῶν ὑπὸ τὴν ἐπίβλεψιν ἐπιστημόνων. Ἡ χώρα τῆς Μεγαλοπόλεως, ἐν τῇ ὁποίᾳ οἱ ἀρχαῖοι τοποθέτουν τὴν γιγαντομαχίαν, παρέχει ἄφθονον ὑλικὸν.

Εἶνε λοιπὸν εὐχῆς ἔργον ὅπως τὸ ὑπουργεῖον διαθέσῃ ποσόν τι διὰ τὴν συνέχισιν τῶν ἀνασκαφῶν, καὶ ἐπιτρέψῃ τὴν μετακόμισιν τῶν εὑρημάτων εἰς τὸ μουσεῖον, ὅπου θὰ συναρμολογηθῶσι οἱ σκελετοὶ τῶν προϊστορικῶν ζῴων.

Τὸ 1866 εὑρέθη τυχαίως ἐν τοῖς περὶ τὴν Μεγαλόπολιν βαθέσι τεμάχια ὀστῶν ἐξ ἐλέφαντος, τοῦ ὁποίου ὁ ὀδούς ἔφθανε τὸ μῆκος 3 μέτρων. Τὰ ὀστᾶ κατετέθησαν εἰς τὸ παλαιοντολογικὸν μουσεῖον τοῦ Πανεπιστημίου.

Ὡς εἰκός, τὸ ζήτημα ἐκεῖνο τοῦ χαυλιόδοντος ἀπησχόλησε τοὺς ἐπιστήμονας, διότι ἀπὸ τοῦ ἐπιπέδου τῶν ἀνακαλυφθέντων συμπεραίνεται ἡ προϊστορικὴ κατάστασις τῆς χώρας ἐκείνης, ὅτι ἐν αὐτῇ ἐζῶν ἐλέφαντες καὶ ἄλλα ζῷα θερμῶν κλιμάτων.
